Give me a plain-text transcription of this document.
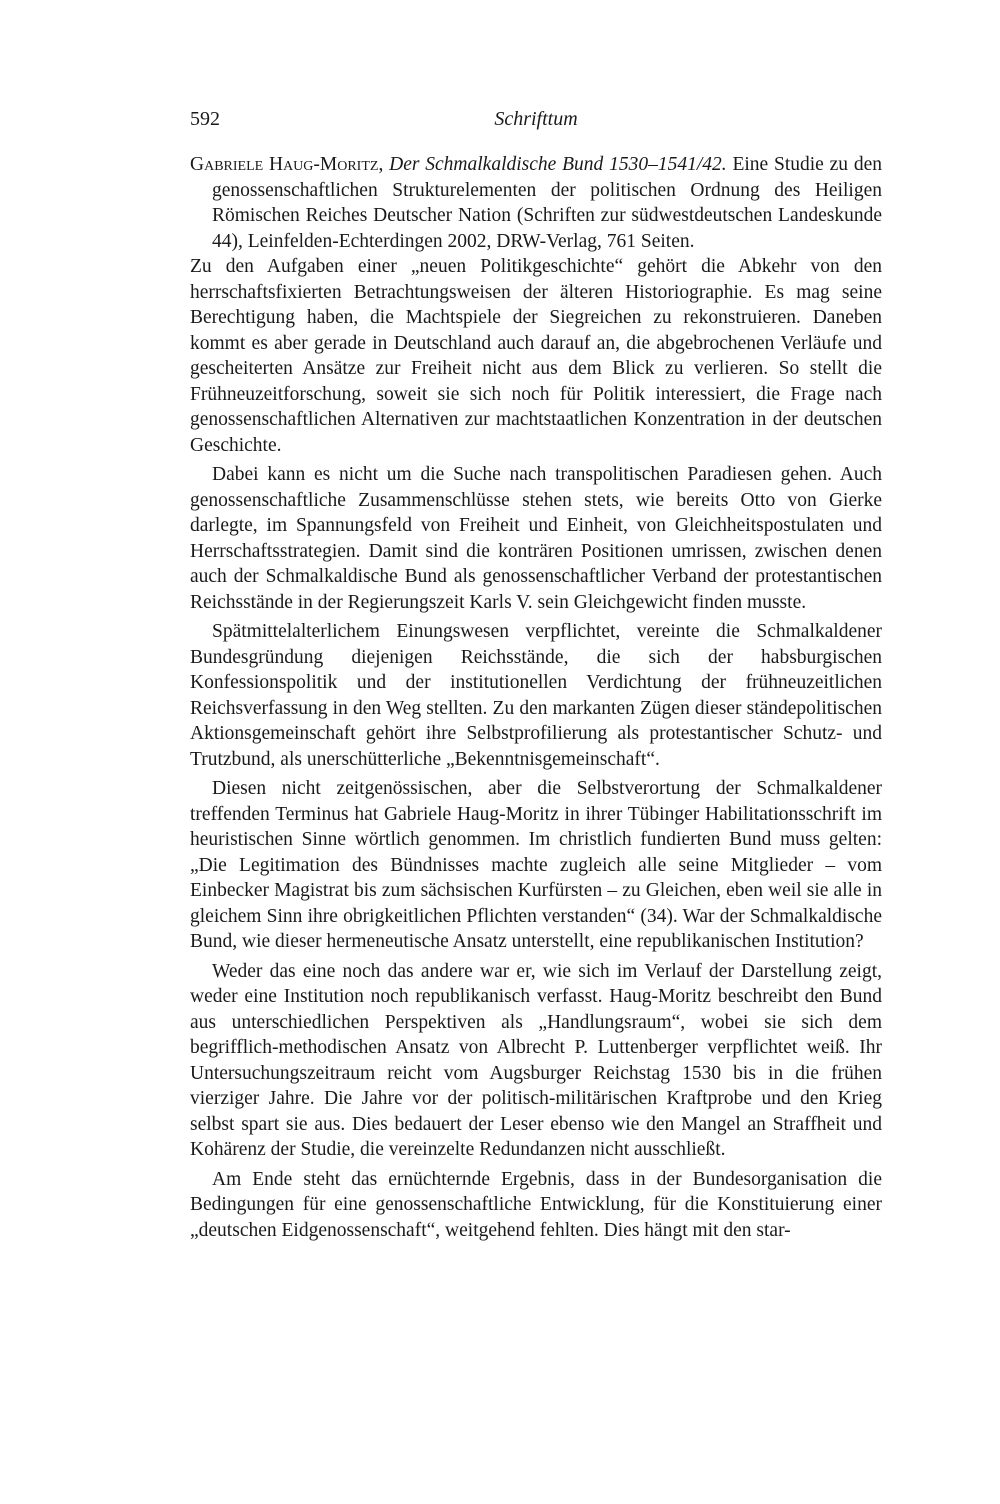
592	Schrifttum

Gabriele Haug-Moritz, Der Schmalkaldische Bund 1530–1541/42. Eine Studie zu den genossenschaftlichen Strukturelementen der politischen Ordnung des Heiligen Römischen Reiches Deutscher Nation (Schriften zur südwestdeutschen Landeskunde 44), Leinfelden-Echterdingen 2002, DRW-Verlag, 761 Seiten.

Zu den Aufgaben einer „neuen Politikgeschichte“ gehört die Abkehr von den herrschaftsfixierten Betrachtungsweisen der älteren Historiographie. Es mag seine Berechtigung haben, die Machtspiele der Siegreichen zu rekonstruieren. Daneben kommt es aber gerade in Deutschland auch darauf an, die abgebrochenen Verläufe und gescheiterten Ansätze zur Freiheit nicht aus dem Blick zu verlieren. So stellt die Frühneuzeitforschung, soweit sie sich noch für Politik interessiert, die Frage nach genossenschaftlichen Alternativen zur machtstaatlichen Konzentration in der deutschen Geschichte.

Dabei kann es nicht um die Suche nach transpolitischen Paradiesen gehen. Auch genossenschaftliche Zusammenschlüsse stehen stets, wie bereits Otto von Gierke darlegte, im Spannungsfeld von Freiheit und Einheit, von Gleichheitspostulaten und Herrschaftsstrategien. Damit sind die konträren Positionen umrissen, zwischen denen auch der Schmalkaldische Bund als genossenschaftlicher Verband der protestantischen Reichsstände in der Regierungszeit Karls V. sein Gleichgewicht finden musste.

Spätmittelalterlichem Einungswesen verpflichtet, vereinte die Schmalkaldener Bundesgründung diejenigen Reichsstände, die sich der habsburgischen Konfessionspolitik und der institutionellen Verdichtung der frühneuzeitlichen Reichsverfassung in den Weg stellten. Zu den markanten Zügen dieser ständepolitischen Aktionsgemeinschaft gehört ihre Selbstprofilierung als protestantischer Schutz- und Trutzbund, als unerschütterliche „Bekenntnisgemeinschaft“.

Diesen nicht zeitgenössischen, aber die Selbstverortung der Schmalkaldener treffenden Terminus hat Gabriele Haug-Moritz in ihrer Tübinger Habilitationsschrift im heuristischen Sinne wörtlich genommen. Im christlich fundierten Bund muss gelten: „Die Legitimation des Bündnisses machte zugleich alle seine Mitglieder – vom Einbecker Magistrat bis zum sächsischen Kurfürsten – zu Gleichen, eben weil sie alle in gleichem Sinn ihre obrigkeitlichen Pflichten verstanden“ (34). War der Schmalkaldische Bund, wie dieser hermeneutische Ansatz unterstellt, eine republikanischen Institution?

Weder das eine noch das andere war er, wie sich im Verlauf der Darstellung zeigt, weder eine Institution noch republikanisch verfasst. Haug-Moritz beschreibt den Bund aus unterschiedlichen Perspektiven als „Handlungsraum“, wobei sie sich dem begrifflich-methodischen Ansatz von Albrecht P. Luttenberger verpflichtet weiß. Ihr Untersuchungszeitraum reicht vom Augsburger Reichstag 1530 bis in die frühen vierziger Jahre. Die Jahre vor der politisch-militärischen Kraftprobe und den Krieg selbst spart sie aus. Dies bedauert der Leser ebenso wie den Mangel an Straffheit und Kohärenz der Studie, die vereinzelte Redundanzen nicht ausschließt.

Am Ende steht das ernüchternde Ergebnis, dass in der Bundesorganisation die Bedingungen für eine genossenschaftliche Entwicklung, für die Konstituierung einer „deutschen Eidgenossenschaft“, weitgehend fehlten. Dies hängt mit den star-
